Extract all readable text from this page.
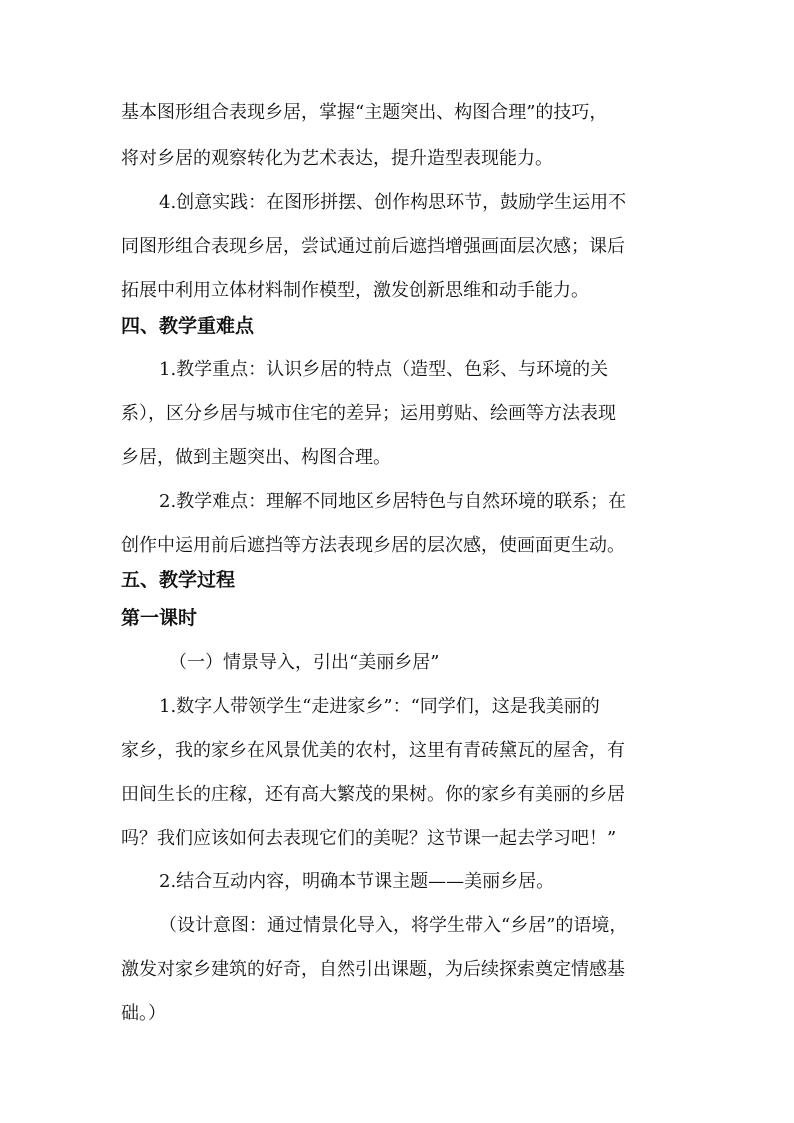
基本图形组合表现乡居，掌握“主题突出、构图合理”的技巧，
将对乡居的观察转化为艺术表达，提升造型表现能力。
4.创意实践：在图形拼摆、创作构思环节，鼓励学生运用不
同图形组合表现乡居，尝试通过前后遮挡增强画面层次感；课后
拓展中利用立体材料制作模型，激发创新思维和动手能力。
四、教学重难点
1.教学重点：认识乡居的特点（造型、色彩、与环境的关
系），区分乡居与城市住宅的差异；运用剪贴、绘画等方法表现
乡居，做到主题突出、构图合理。
2.教学难点：理解不同地区乡居特色与自然环境的联系；在
创作中运用前后遮挡等方法表现乡居的层次感，使画面更生动。
五、教学过程
第一课时
（一）情景导入，引出“美丽乡居”
1.数字人带领学生“走进家乡”：“同学们，这是我美丽的
家乡，我的家乡在风景优美的农村，这里有青砖黛瓦的屋舍，有
田间生长的庄稼，还有高大繁茂的果树。你的家乡有美丽的乡居
吗？我们应该如何去表现它们的美呢？这节课一起去学习吧！”
2.结合互动内容，明确本节课主题——美丽乡居。
（设计意图：通过情景化导入，将学生带入“乡居”的语境，
激发对家乡建筑的好奇，自然引出课题，为后续探索奠定情感基
础。）
